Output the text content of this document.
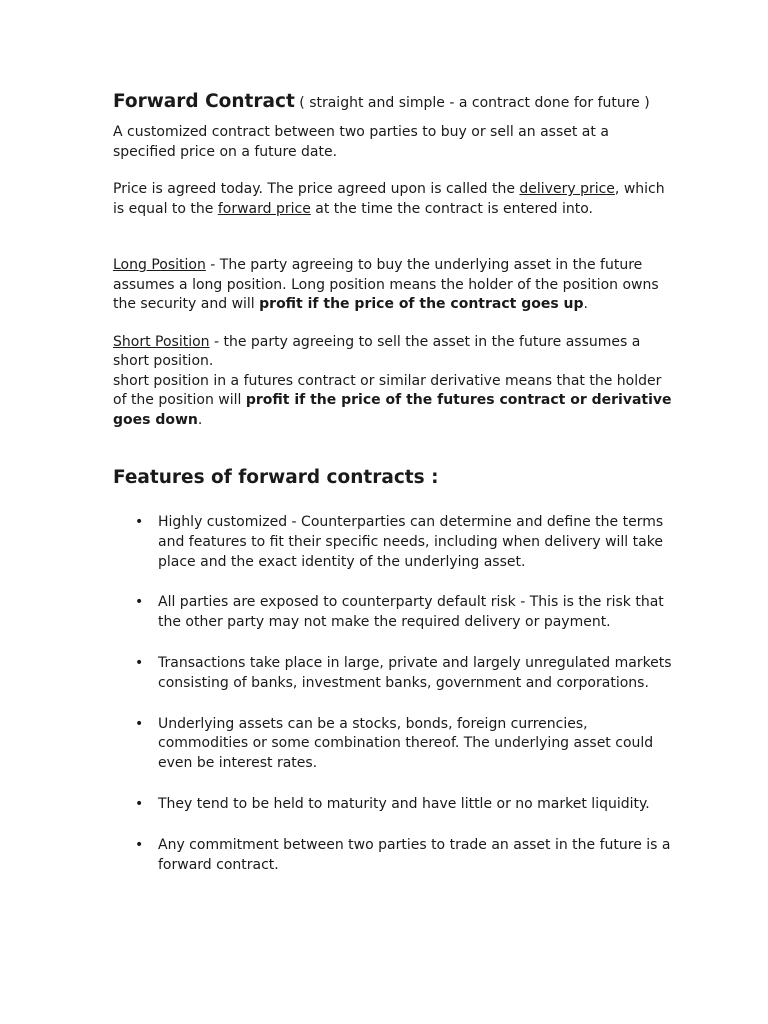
Forward Contract ( straight and simple - a contract done for future )

A customized contract between two parties to buy or sell an asset at a specified price on a future date.

Price is agreed today. The price agreed upon is called the delivery price, which is equal to the forward price at the time the contract is entered into.

Long Position - The party agreeing to buy the underlying asset in the future assumes a long position. Long position means the holder of the position owns the security and will profit if the price of the contract goes up.

Short Position - the party agreeing to sell the asset in the future assumes a short position.

short position in a futures contract or similar derivative means that the holder of the position will profit if the price of the futures contract or derivative goes down.

Features of forward contracts :
• Highly customized - Counterparties can determine and define the terms and features to fit their specific needs, including when delivery will take place and the exact identity of the underlying asset.
• All parties are exposed to counterparty default risk - This is the risk that the other party may not make the required delivery or payment.
• Transactions take place in large, private and largely unregulated markets consisting of banks, investment banks, government and corporations.
• Underlying assets can be a stocks, bonds, foreign currencies, commodities or some combination thereof. The underlying asset could even be interest rates.
• They tend to be held to maturity and have little or no market liquidity.
• Any commitment between two parties to trade an asset in the future is a forward contract.
